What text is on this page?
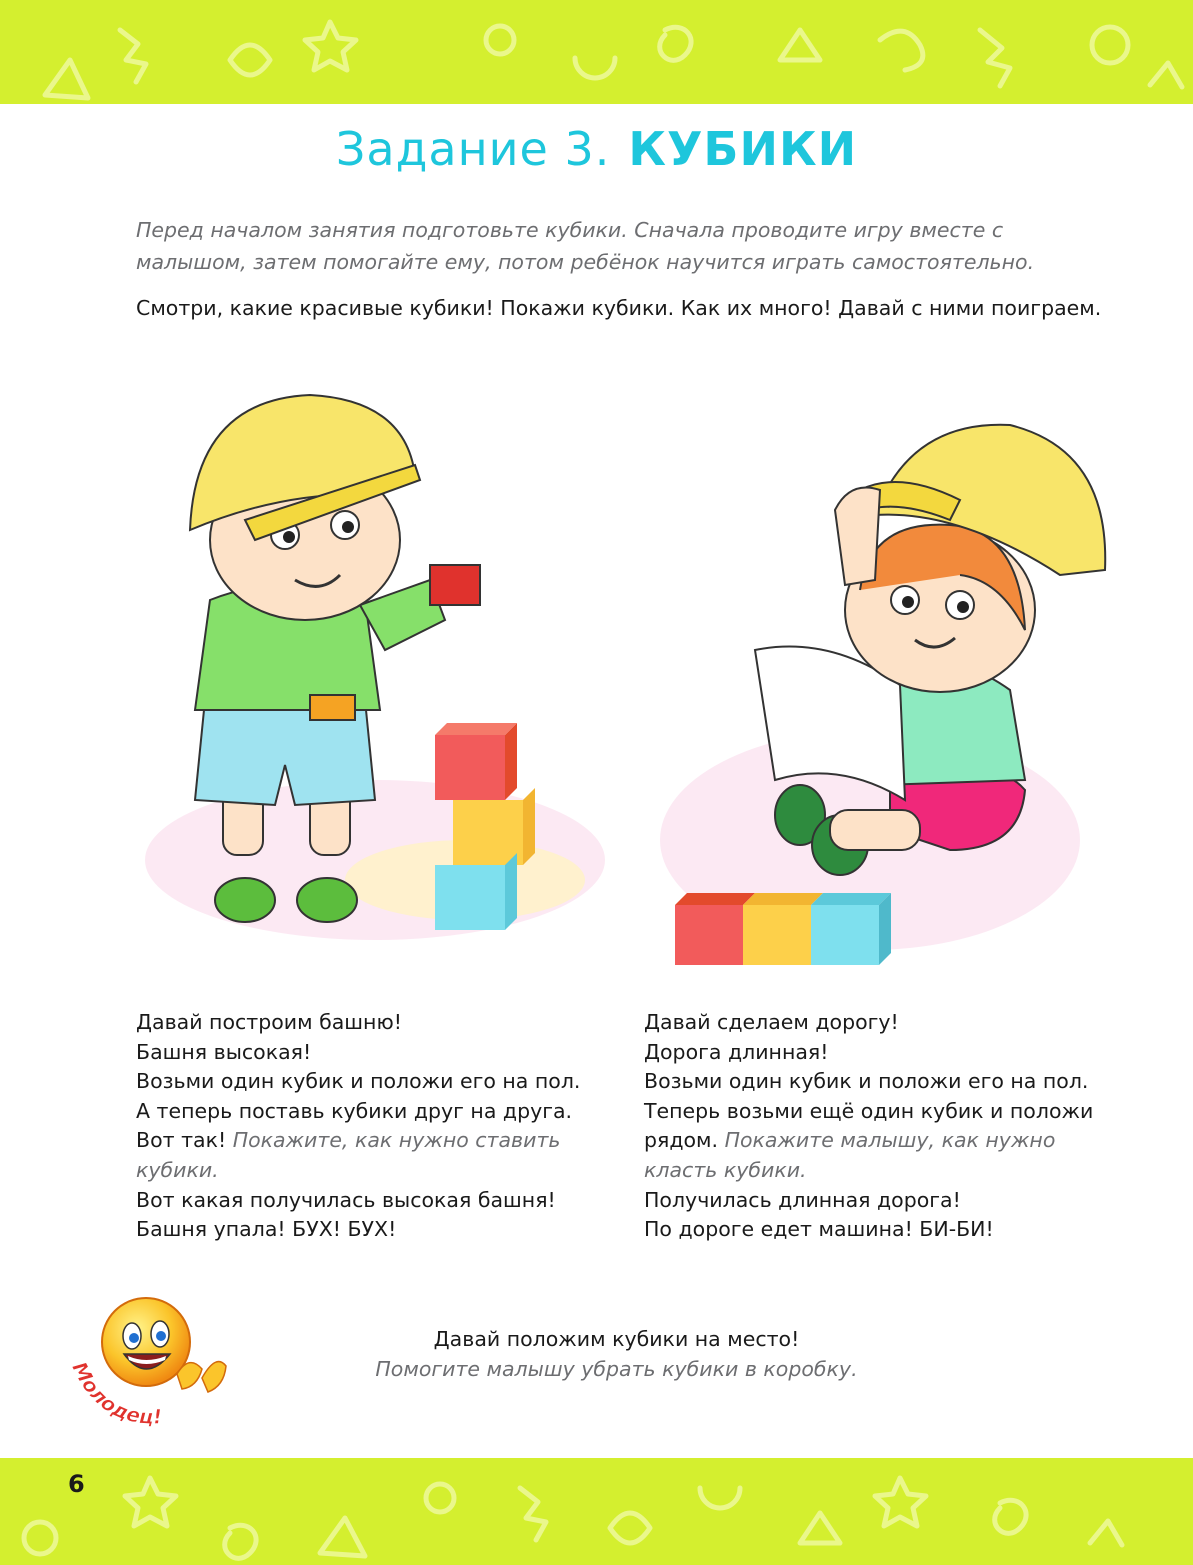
Задание 3. КУБИКИ
Перед началом занятия подготовьте кубики. Сначала проводите игру вместе с малышом, затем помогайте ему, потом ребёнок научится играть самостоятельно.
Смотри, какие красивые кубики! Покажи кубики. Как их много! Давай с ними поиграем.

Давай построим башню!

Башня высокая!

Возьми один кубик и положи его на пол.

А теперь поставь кубики друг на друга.

Вот так! Покажите, как нужно ставить кубики.

Вот какая получилась высокая башня!

Башня упала! БУХ! БУХ!

Давай сделаем дорогу!

Дорога длинная!

Возьми один кубик и положи его на пол.

Теперь возьми ещё один кубик и положи

рядом. Покажите малышу, как нужно класть кубики.

Получилась длинная дорога!

По дороге едет машина! БИ-БИ!

Молодец!

Давай положим кубики на место!

Помогите малышу убрать кубики в коробку.

6
